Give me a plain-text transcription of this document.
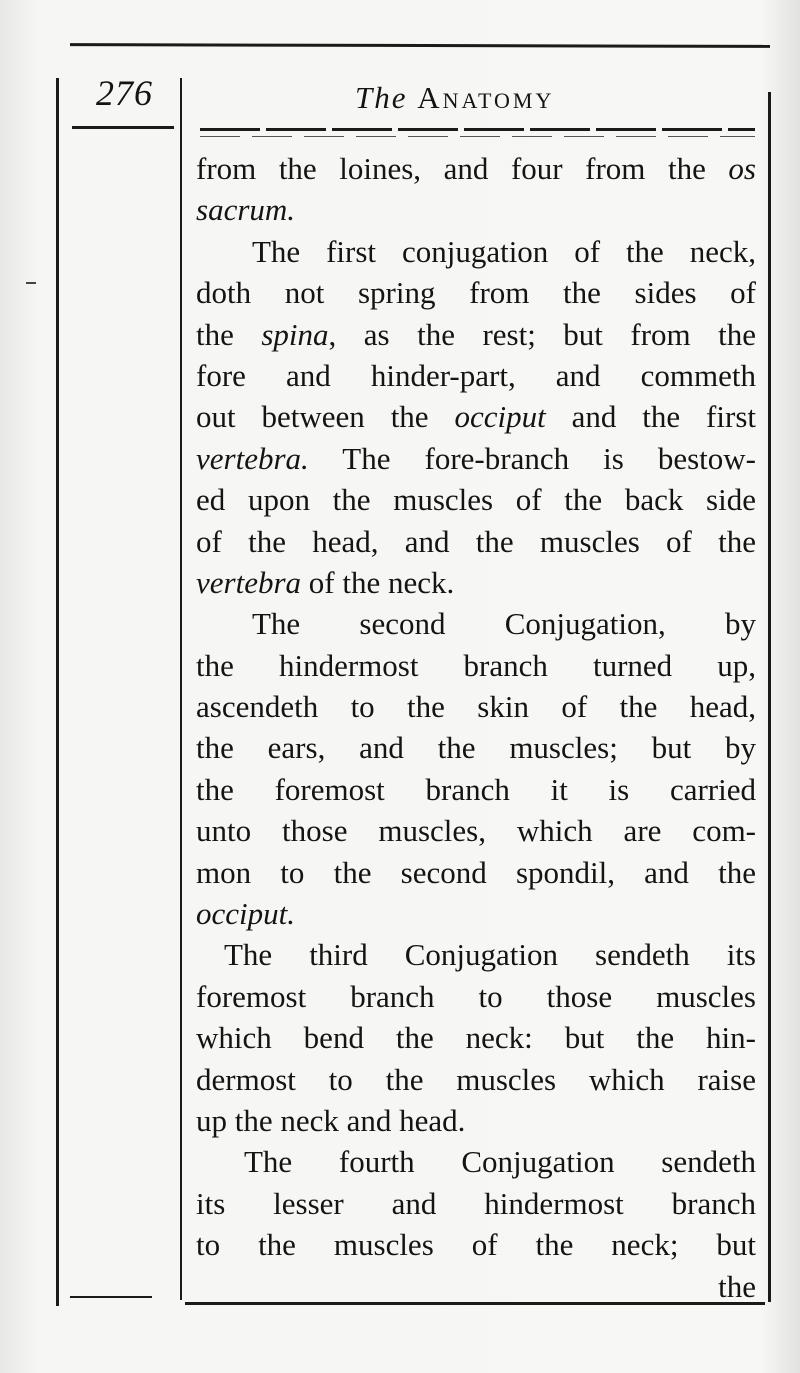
276	The Anatomy
from the loines, and four from the os
sacrum.
The first conjugation of the neck,
doth not spring from the sides of
the spina, as the rest; but from the
fore and hinder-part, and commeth
out between the occiput and the first
vertebra. The fore-branch is bestow-
ed upon the muscles of the back side
of the head, and the muscles of the
vertebra of the neck.
The second Conjugation, by
the hindermost branch turned up,
ascendeth to the skin of the head,
the ears, and the muscles; but by
the foremost branch it is carried
unto those muscles, which are com-
mon to the second spondil, and the
occiput.
The third Conjugation sendeth its
foremost branch to those muscles
which bend the neck: but the hin-
dermost to the muscles which raise
up the neck and head.
The fourth Conjugation sendeth
its lesser and hindermost branch
to the muscles of the neck; but
the
